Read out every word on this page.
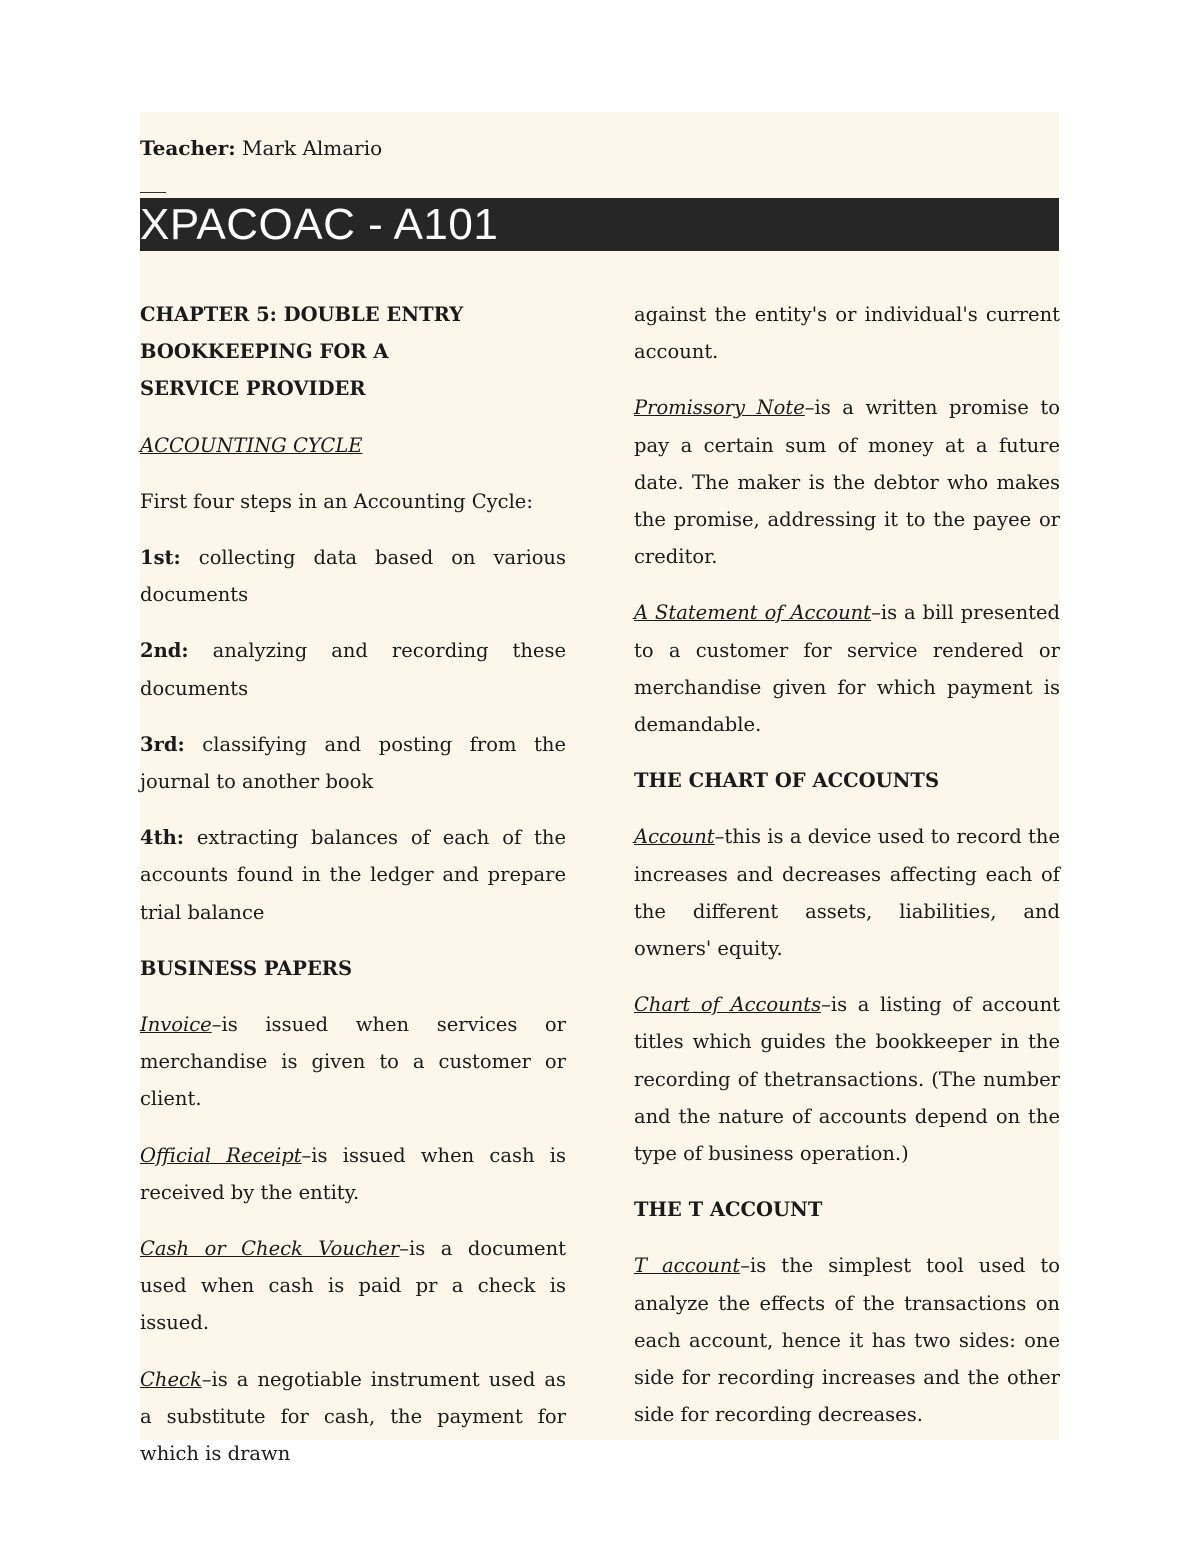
Teacher: Mark Almario
XPACOAC - A101

CHAPTER 5: DOUBLE ENTRY BOOKKEEPING FOR A SERVICE PROVIDER

ACCOUNTING CYCLE

First four steps in an Accounting Cycle:

1st: collecting data based on various documents

2nd: analyzing and recording these documents

3rd: classifying and posting from the journal to another book

4th: extracting balances of each of the accounts found in the ledger and prepare trial balance

BUSINESS PAPERS

Invoice–is issued when services or merchandise is given to a customer or client.

Official Receipt–is issued when cash is received by the entity.

Cash or Check Voucher–is a document used when cash is paid pr a check is issued.

Check–is a negotiable instrument used as a substitute for cash, the payment for which is drawn

against the entity's or individual's current account.

Promissory Note–is a written promise to pay a certain sum of money at a future date. The maker is the debtor who makes the promise, addressing it to the payee or creditor.

A Statement of Account–is a bill presented to a customer for service rendered or merchandise given for which payment is demandable.

THE CHART OF ACCOUNTS

Account–this is a device used to record the increases and decreases affecting each of the different assets, liabilities, and owners' equity.

Chart of Accounts–is a listing of account titles which guides the bookkeeper in the recording of thetransactions. (The number and the nature of accounts depend on the type of business operation.)

THE T ACCOUNT

T account–is the simplest tool used to analyze the effects of the transactions on each account, hence it has two sides: one side for recording increases and the other side for recording decreases.
